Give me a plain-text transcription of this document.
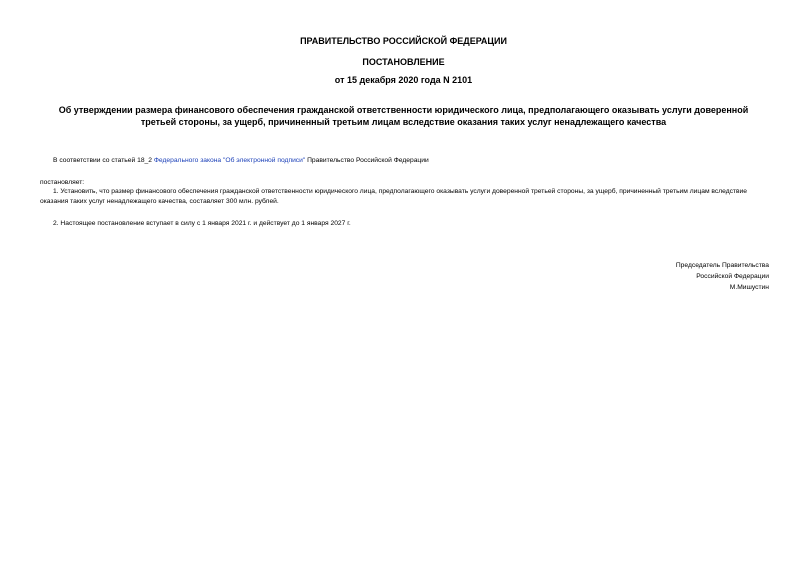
ПРАВИТЕЛЬСТВО РОССИЙСКОЙ ФЕДЕРАЦИИ
ПОСТАНОВЛЕНИЕ
от 15 декабря 2020 года N 2101
Об утверждении размера финансового обеспечения гражданской ответственности юридического лица, предполагающего оказывать услуги доверенной третьей стороны, за ущерб, причиненный третьим лицам вследствие оказания таких услуг ненадлежащего качества
В соответствии со статьей 18_2 Федерального закона "Об электронной подписи" Правительство Российской Федерации
постановляет:
1. Установить, что размер финансового обеспечения гражданской ответственности юридического лица, предполагающего оказывать услуги доверенной третьей стороны, за ущерб, причиненный третьим лицам вследствие оказания таких услуг ненадлежащего качества, составляет 300 млн. рублей.
2. Настоящее постановление вступает в силу с 1 января 2021 г. и действует до 1 января 2027 г.
Председатель Правительства
Российской Федерации
М.Мишустин
